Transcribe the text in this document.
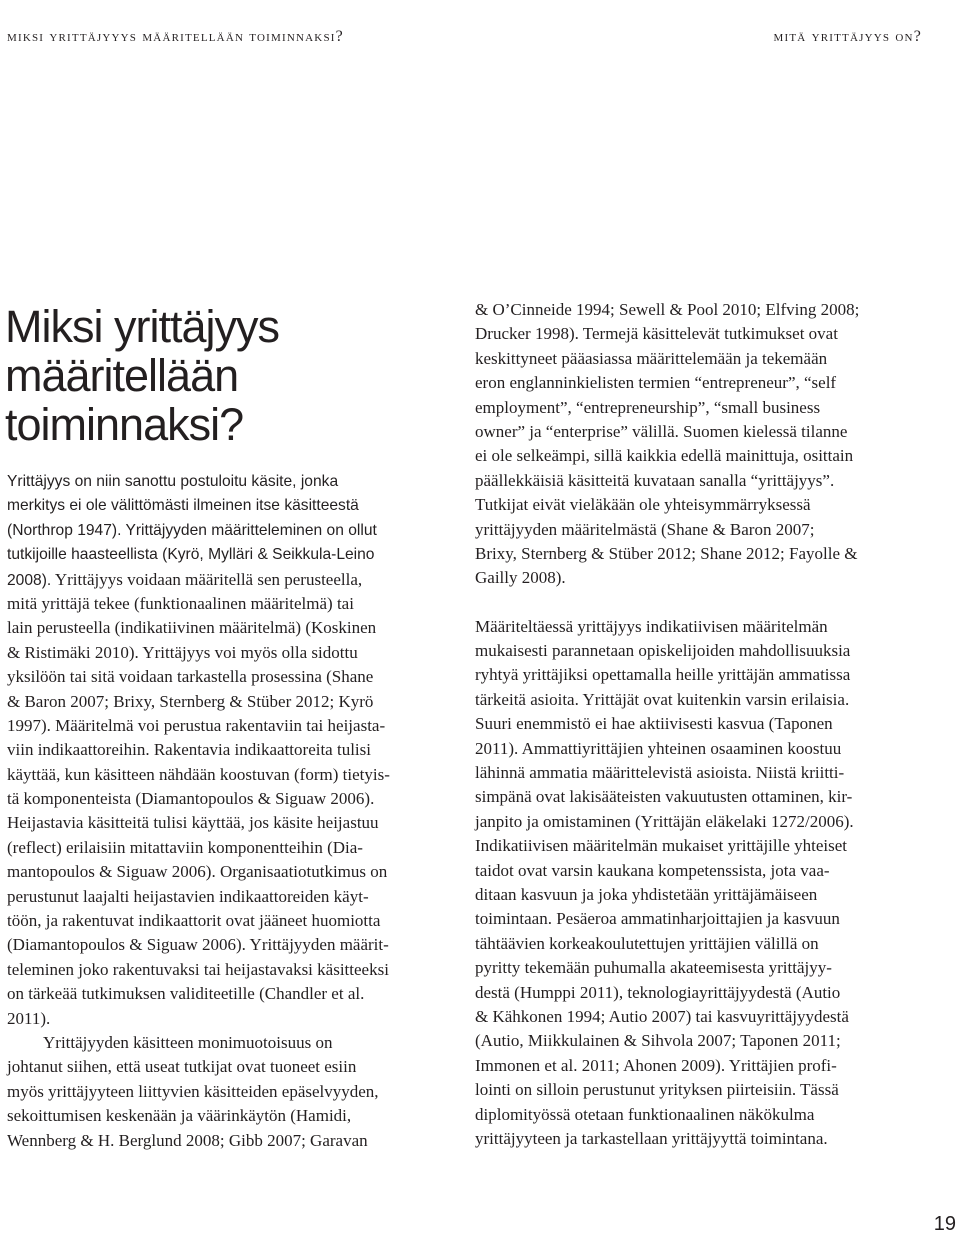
miksi yrittäjyyys määritellään toiminnaksi?	mitä yrittäjyys on?
Miksi yrittäjyys
määritellään
toiminnaksi?
Yrittäjyys on niin sanottu postuloitu käsite, jonka
merkitys ei ole välittömästi ilmeinen itse käsitteestä
(Northrop 1947). Yrittäjyyden määritteleminen on ollut
tutkijoille haasteellista (Kyrö, Mylläri & Seikkula-Leino
2008). Yrittäjyys voidaan määritellä sen perusteella,
mitä yrittäjä tekee (funktionaalinen määritelmä) tai
lain perusteella (indikatiivinen määritelmä) (Koskinen
& Ristimäki 2010). Yrittäjyys voi myös olla sidottu
yksilöön tai sitä voidaan tarkastella prosessina (Shane
& Baron 2007; Brixy, Sternberg & Stüber 2012; Kyrö
1997). Määritelmä voi perustua rakentaviin tai heijasta-
viin indikaattoreihin. Rakentavia indikaattoreita tulisi
käyttää, kun käsitteen nähdään koostuvan (form) tietyis-
tä komponenteista (Diamantopoulos & Siguaw 2006).
Heijastavia käsitteitä tulisi käyttää, jos käsite heijastuu
(reflect) erilaisiin mitattaviin komponentteihin (Dia-
mantopoulos & Siguaw 2006). Organisaatiotutkimus on
perustunut laajalti heijastavien indikaattoreiden käyt-
töön, ja rakentuvat indikaattorit ovat jääneet huomiotta
(Diamantopoulos & Siguaw 2006). Yrittäjyyden määrit-
teleminen joko rakentuvaksi tai heijastavaksi käsitteeksi
on tärkeää tutkimuksen validiteetille (Chandler et al.
2011).
Yrittäjyyden käsitteen monimuotoisuus on
johtanut siihen, että useat tutkijat ovat tuoneet esiin
myös yrittäjyyteen liittyvien käsitteiden epäselvyyden,
sekoittumisen keskenään ja väärinkäytön (Hamidi,
Wennberg & H. Berglund 2008; Gibb 2007; Garavan
& O’Cinneide 1994; Sewell & Pool 2010; Elfving 2008;
Drucker 1998). Termejä käsittelevät tutkimukset ovat
keskittyneet pääasiassa määrittelemään ja tekemään
eron englanninkielisten termien “entrepreneur”, “self
employment”, “entrepreneurship”, “small business
owner” ja “enterprise” välillä. Suomen kielessä tilanne
ei ole selkeämpi, sillä kaikkia edellä mainittuja, osittain
päällekkäisiä käsitteitä kuvataan sanalla “yrittäjyys”.
Tutkijat eivät vieläkään ole yhteisymmärryksessä
yrittäjyyden määritelmästä (Shane & Baron 2007;
Brixy, Sternberg & Stüber 2012; Shane 2012; Fayolle &
Gailly 2008).
Määriteltäessä yrittäjyys indikatiivisen määritelmän
mukaisesti parannetaan opiskelijoiden mahdollisuuksia
ryhtyä yrittäjiksi opettamalla heille yrittäjän ammatissa
tärkeitä asioita. Yrittäjät ovat kuitenkin varsin erilaisia.
Suuri enemmistö ei hae aktiivisesti kasvua (Taponen
2011). Ammattiyrittäjien yhteinen osaaminen koostuu
lähinnä ammatia määrittelevistä asioista. Niistä kriitti-
simpänä ovat lakisääteisten vakuutusten ottaminen, kir-
janpito ja omistaminen (Yrittäjän eläkelaki 1272/2006).
Indikatiivisen määritelmän mukaiset yrittäjille yhteiset
taidot ovat varsin kaukana kompetenssista, jota vaa-
ditaan kasvuun ja joka yhdistetään yrittäjämäiseen
toimintaan. Pesäeroa ammatinharjoittajien ja kasvuun
tähtäävien korkeakoulutettujen yrittäjien välillä on
pyritty tekemään puhumalla akateemisesta yrittäjyy-
destä (Humppi 2011), teknologiayrittäjyydestä (Autio
& Kähkonen 1994; Autio 2007) tai kasvuyrittäjyydestä
(Autio, Miikkulainen & Sihvola 2007; Taponen 2011;
Immonen et al. 2011; Ahonen 2009). Yrittäjien profi-
lointi on silloin perustunut yrityksen piirteisiin. Tässä
diplomityössä otetaan funktionaalinen näkökulma
yrittäjyyteen ja tarkastellaan yrittäjyyttä toimintana.
19
